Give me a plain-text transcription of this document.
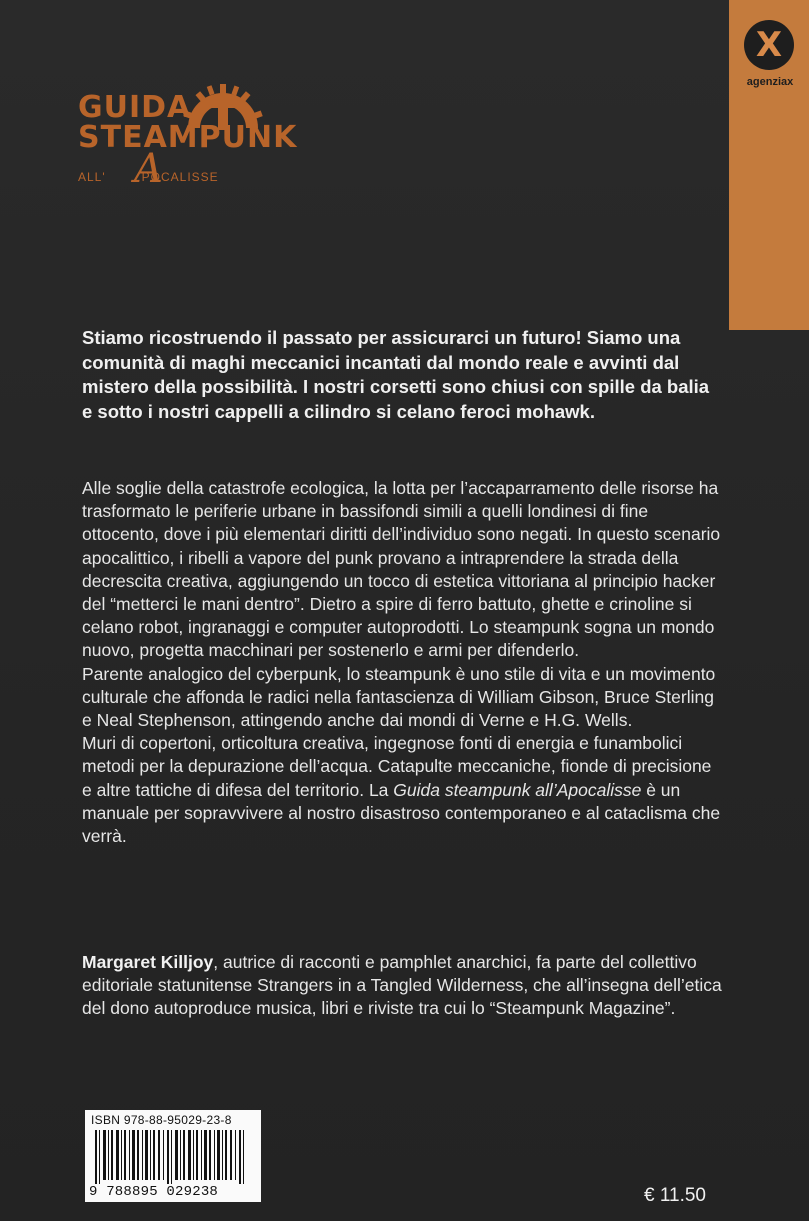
GUIDA
STEAMPUNK
A
ALL'	POCALISSE
X
agenziax
Stiamo ricostruendo il passato per assicurarci un futuro! Siamo una comunità di maghi meccanici incantati dal mondo reale e avvinti dal mistero della possibilità. I nostri corsetti sono chiusi con spille da balia e sotto i nostri cappelli a cilindro si celano feroci mohawk.

Alle soglie della catastrofe ecologica, la lotta per l’accaparramento delle risorse ha trasformato le periferie urbane in bassifondi simili a quelli londinesi di fine ottocento, dove i più elementari diritti dell’individuo sono negati. In questo scenario apocalittico, i ribelli a vapore del punk provano a intraprendere la strada della decrescita creativa, aggiungendo un tocco di estetica vittoriana al principio hacker del “metterci le mani dentro”. Dietro a spire di ferro battuto, ghette e crinoline si celano robot, ingranaggi e computer autoprodotti. Lo steampunk sogna un mondo nuovo, progetta macchinari per sostenerlo e armi per difenderlo.

Parente analogico del cyberpunk, lo steampunk è uno stile di vita e un movimento culturale che affonda le radici nella fantascienza di William Gibson, Bruce Sterling e Neal Stephenson, attingendo anche dai mondi di Verne e H.G. Wells.

Muri di copertoni, orticoltura creativa, ingegnose fonti di energia e funambolici metodi per la depurazione dell’acqua. Catapulte meccaniche, fionde di precisione e altre tattiche di difesa del territorio. La Guida steampunk all’Apocalisse è un manuale per sopravvivere al nostro disastroso contemporaneo e al cataclisma che verrà.

Margaret Killjoy, autrice di racconti e pamphlet anarchici, fa parte del collettivo editoriale statunitense Strangers in a Tangled Wilderness, che all’insegna dell’etica del dono autoproduce musica, libri e riviste tra cui lo “Steampunk Magazine”.
ISBN 978-88-95029-23-8
9 788895 029238	€ 11.50
